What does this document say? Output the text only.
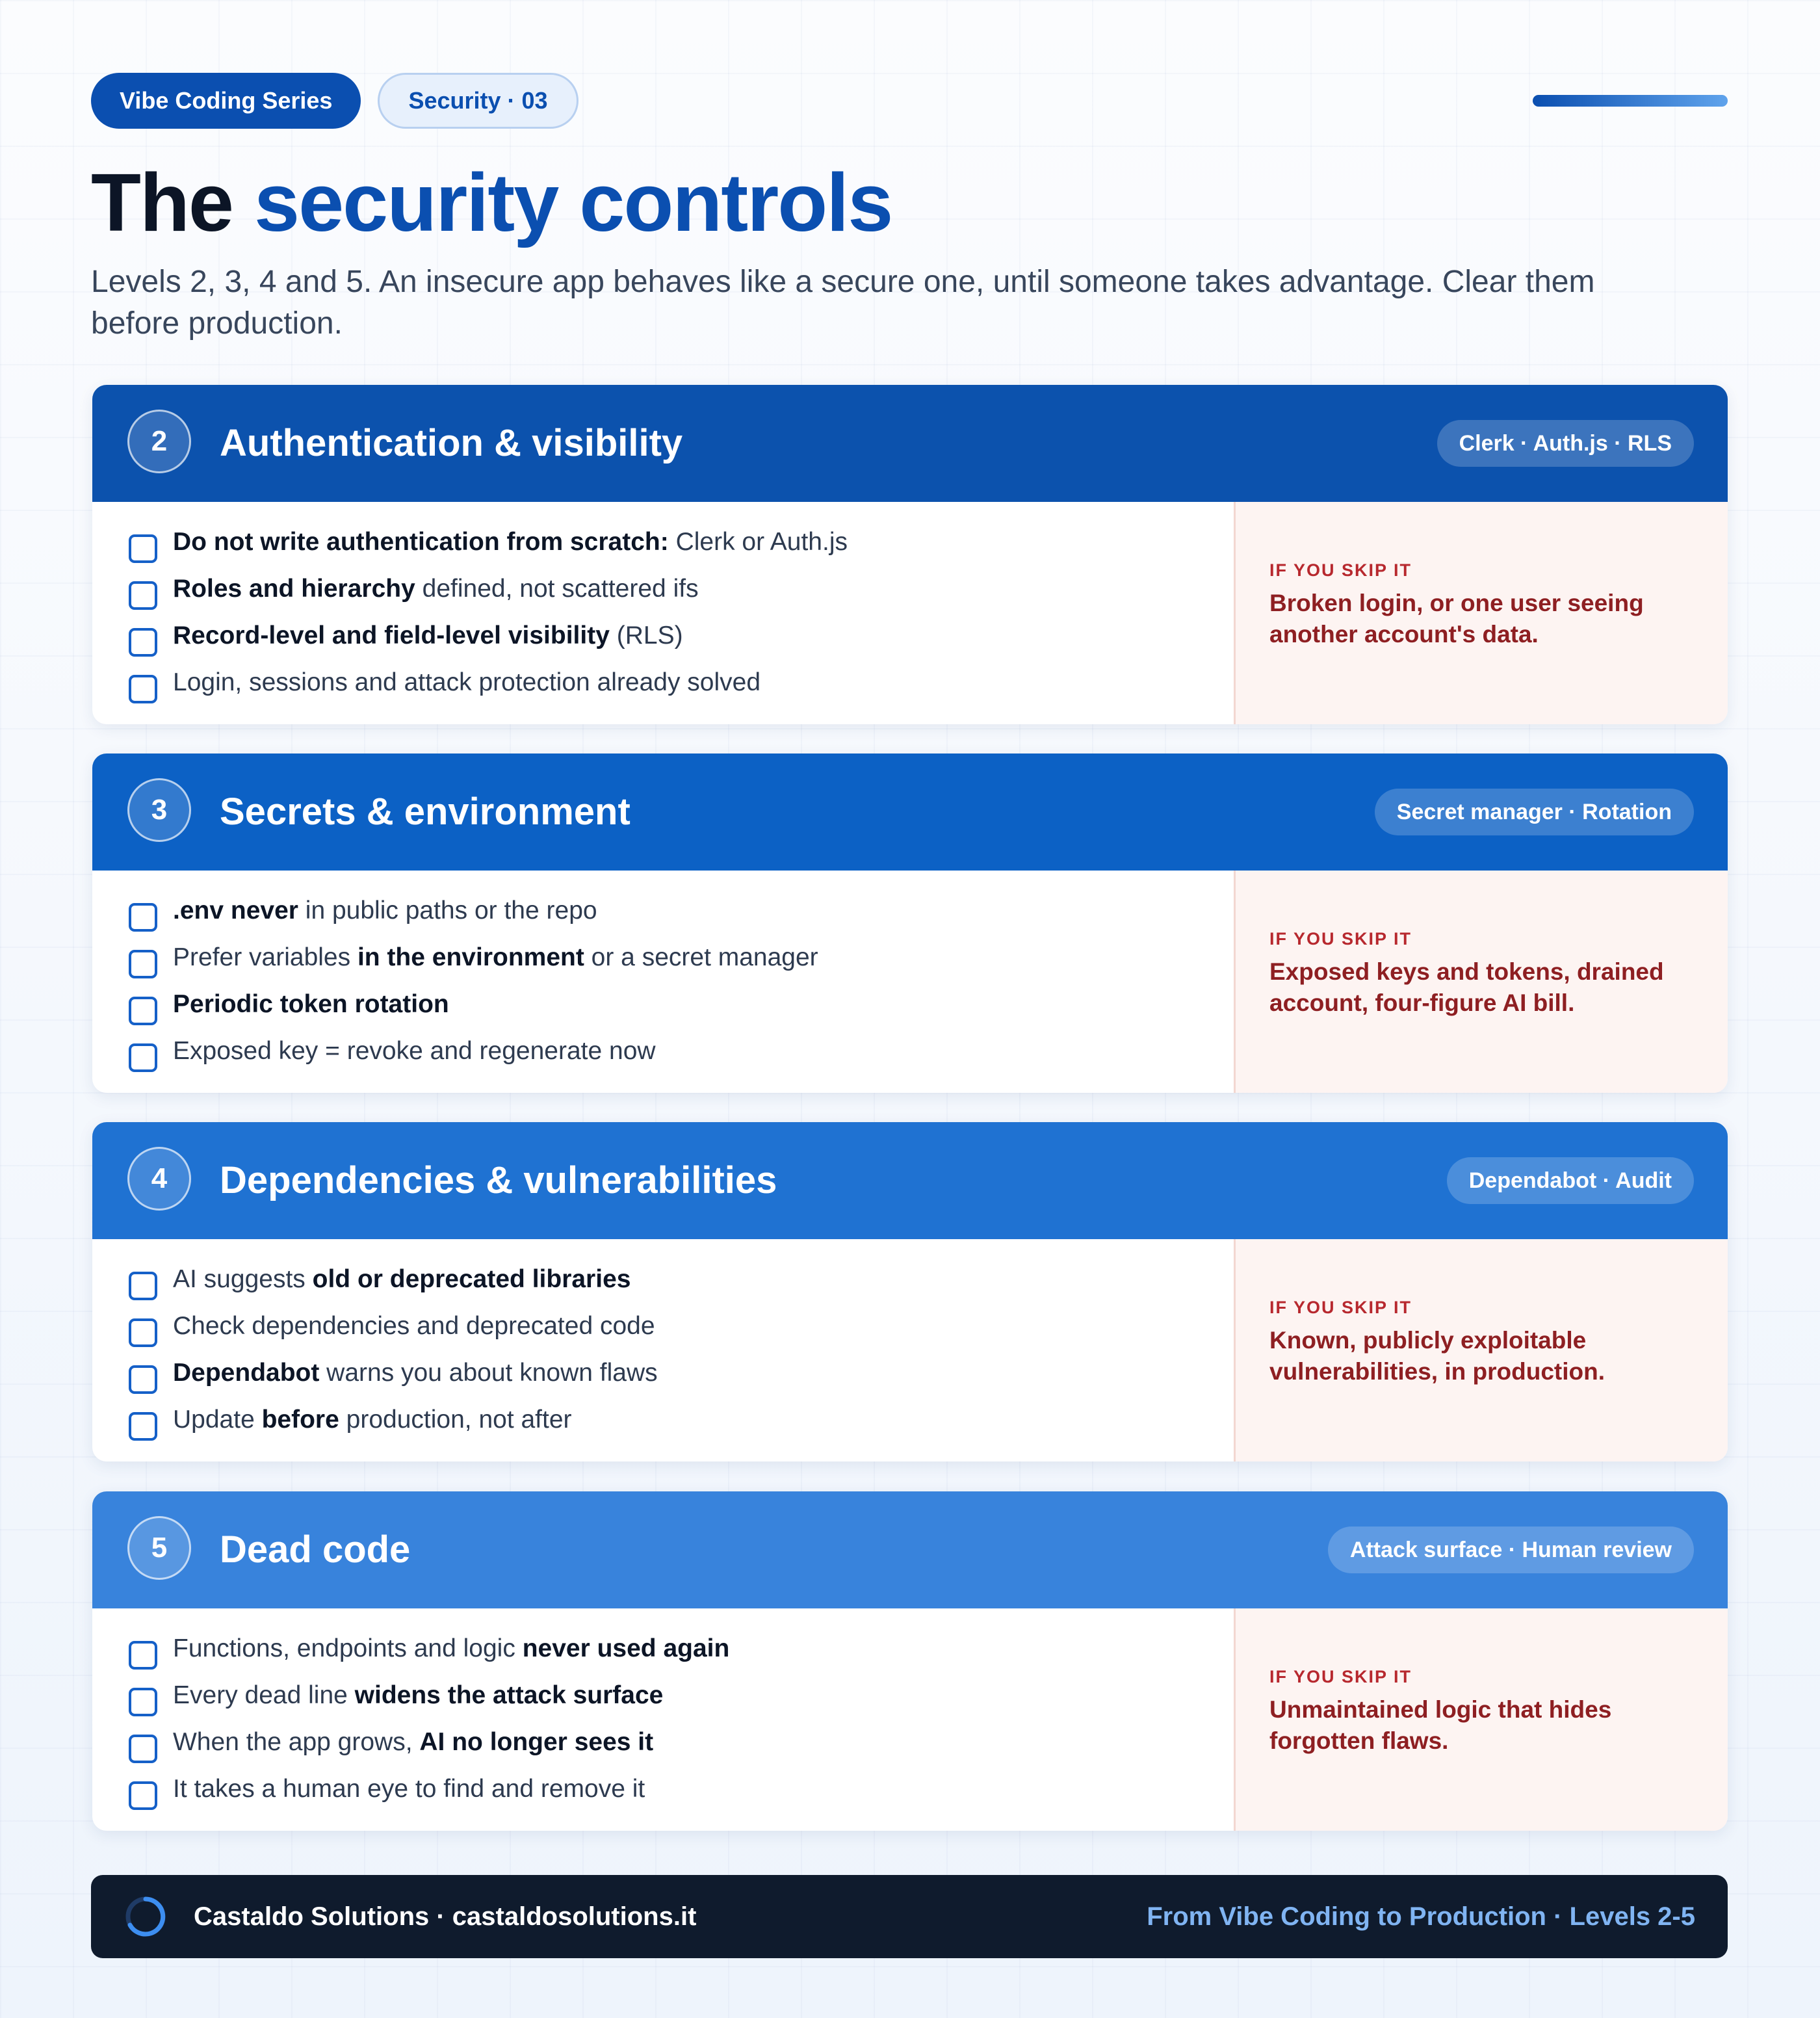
Vibe Coding Series	Security · 03
The security controls

Levels 2, 3, 4 and 5. An insecure app behaves like a secure one, until someone takes advantage. Clear them before production.

2	Authentication & visibility	Clerk · Auth.js · RLS
Do not write authentication from scratch: Clerk or Auth.js
Roles and hierarchy defined, not scattered ifs
Record-level and field-level visibility (RLS)
Login, sessions and attack protection already solved
IF YOU SKIP IT

Broken login, or one user seeing another account's data.

3	Secrets & environment	Secret manager · Rotation
.env never in public paths or the repo
Prefer variables in the environment or a secret manager
Periodic token rotation
Exposed key = revoke and regenerate now
IF YOU SKIP IT

Exposed keys and tokens, drained account, four-figure AI bill.

4	Dependencies & vulnerabilities	Dependabot · Audit
AI suggests old or deprecated libraries
Check dependencies and deprecated code
Dependabot warns you about known flaws
Update before production, not after
IF YOU SKIP IT

Known, publicly exploitable vulnerabilities, in production.

5	Dead code	Attack surface · Human review
Functions, endpoints and logic never used again
Every dead line widens the attack surface
When the app grows, AI no longer sees it
It takes a human eye to find and remove it
IF YOU SKIP IT

Unmaintained logic that hides forgotten flaws.

Castaldo Solutions · castaldosolutions.it	From Vibe Coding to Production · Levels 2-5
